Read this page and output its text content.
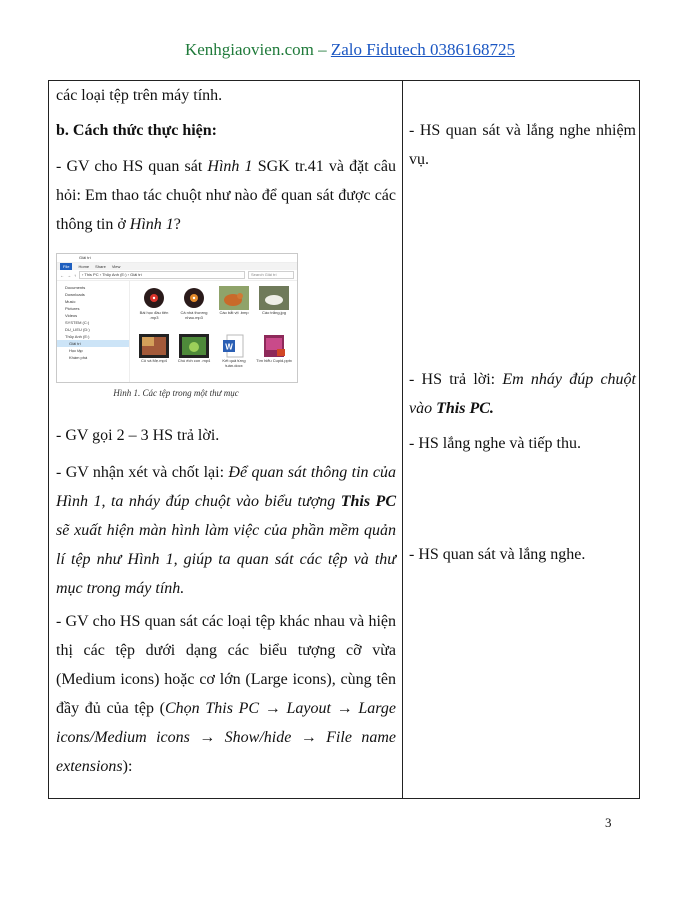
Kenhgiaovien.com – Zalo Fidutech 0386168725

các loại tệp trên máy tính.

b. Cách thức thực hiện:

- GV cho HS quan sát Hình 1 SGK tr.41 và đặt câu hỏi: Em thao tác chuột như nào để quan sát được các thông tin ở Hình 1?

Giải trí
File	Home Share View
← → ↑	› This PC › Thủy Anh (E:) › Giải trí	Search Giải trí
Documents
Downloads
Music
Pictures
Videos
SYSTEM (C:)
DU_LIEU (D:)
Thủy Anh (E:)
Giải trí
Học tập
Khám phá
Bài học đầu tiên .mp3
Cả nhà thương nhau.mp3
Cáo bắt vịt .bmp	Cáo trắng.jpg
Cô và Mẹ.mp4	Chú ếch con .mp4
W
Kết quả từng tuần.docx
Tìm hiểu Cupid.pptx
Hình 1. Các tệp trong một thư mục

- GV gọi 2 – 3 HS trả lời.

- GV nhận xét và chốt lại: Để quan sát thông tin của Hình 1, ta nháy đúp chuột vào biểu tượng This PC sẽ xuất hiện màn hình làm việc của phần mềm quản lí tệp như Hình 1, giúp ta quan sát các tệp và thư mục trong máy tính.

- GV cho HS quan sát các loại tệp khác nhau và hiện thị các tệp dưới dạng các biểu tượng cỡ vừa (Medium icons) hoặc cơ lớn (Large icons), cùng tên đầy đủ của tệp (Chọn This PC → Layout → Large icons/Medium icons → Show/hide → File name extensions):

- HS quan sát và lắng nghe nhiệm vụ.

- HS trả lời: Em nháy đúp chuột vào This PC.

- HS lắng nghe và tiếp thu.

- HS quan sát và lắng nghe.

3
